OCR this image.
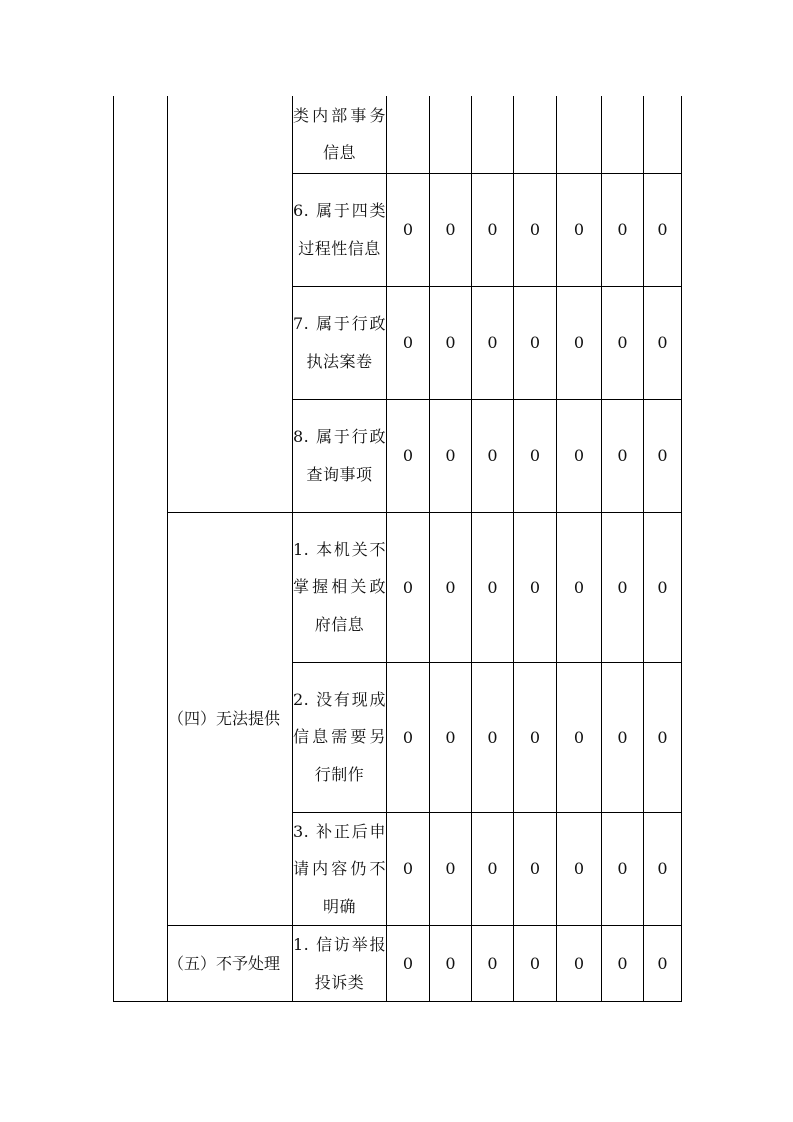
		类内部事务信息							

		6. 属于四类过程性信息	0	0	0	0	0	0	0

		7. 属于行政执法案卷	0	0	0	0	0	0	0

		8. 属于行政查询事项	0	0	0	0	0	0	0
	（四）无法提供	1. 本机关不掌握相关政府信息	0	0	0	0	0	0	0

		2. 没有现成信息需要另行制作	0	0	0	0	0	0	0

		3. 补正后申请内容仍不明确	0	0	0	0	0	0	0
	（五）不予处理	1. 信访举报投诉类	0	0	0	0	0	0	0
